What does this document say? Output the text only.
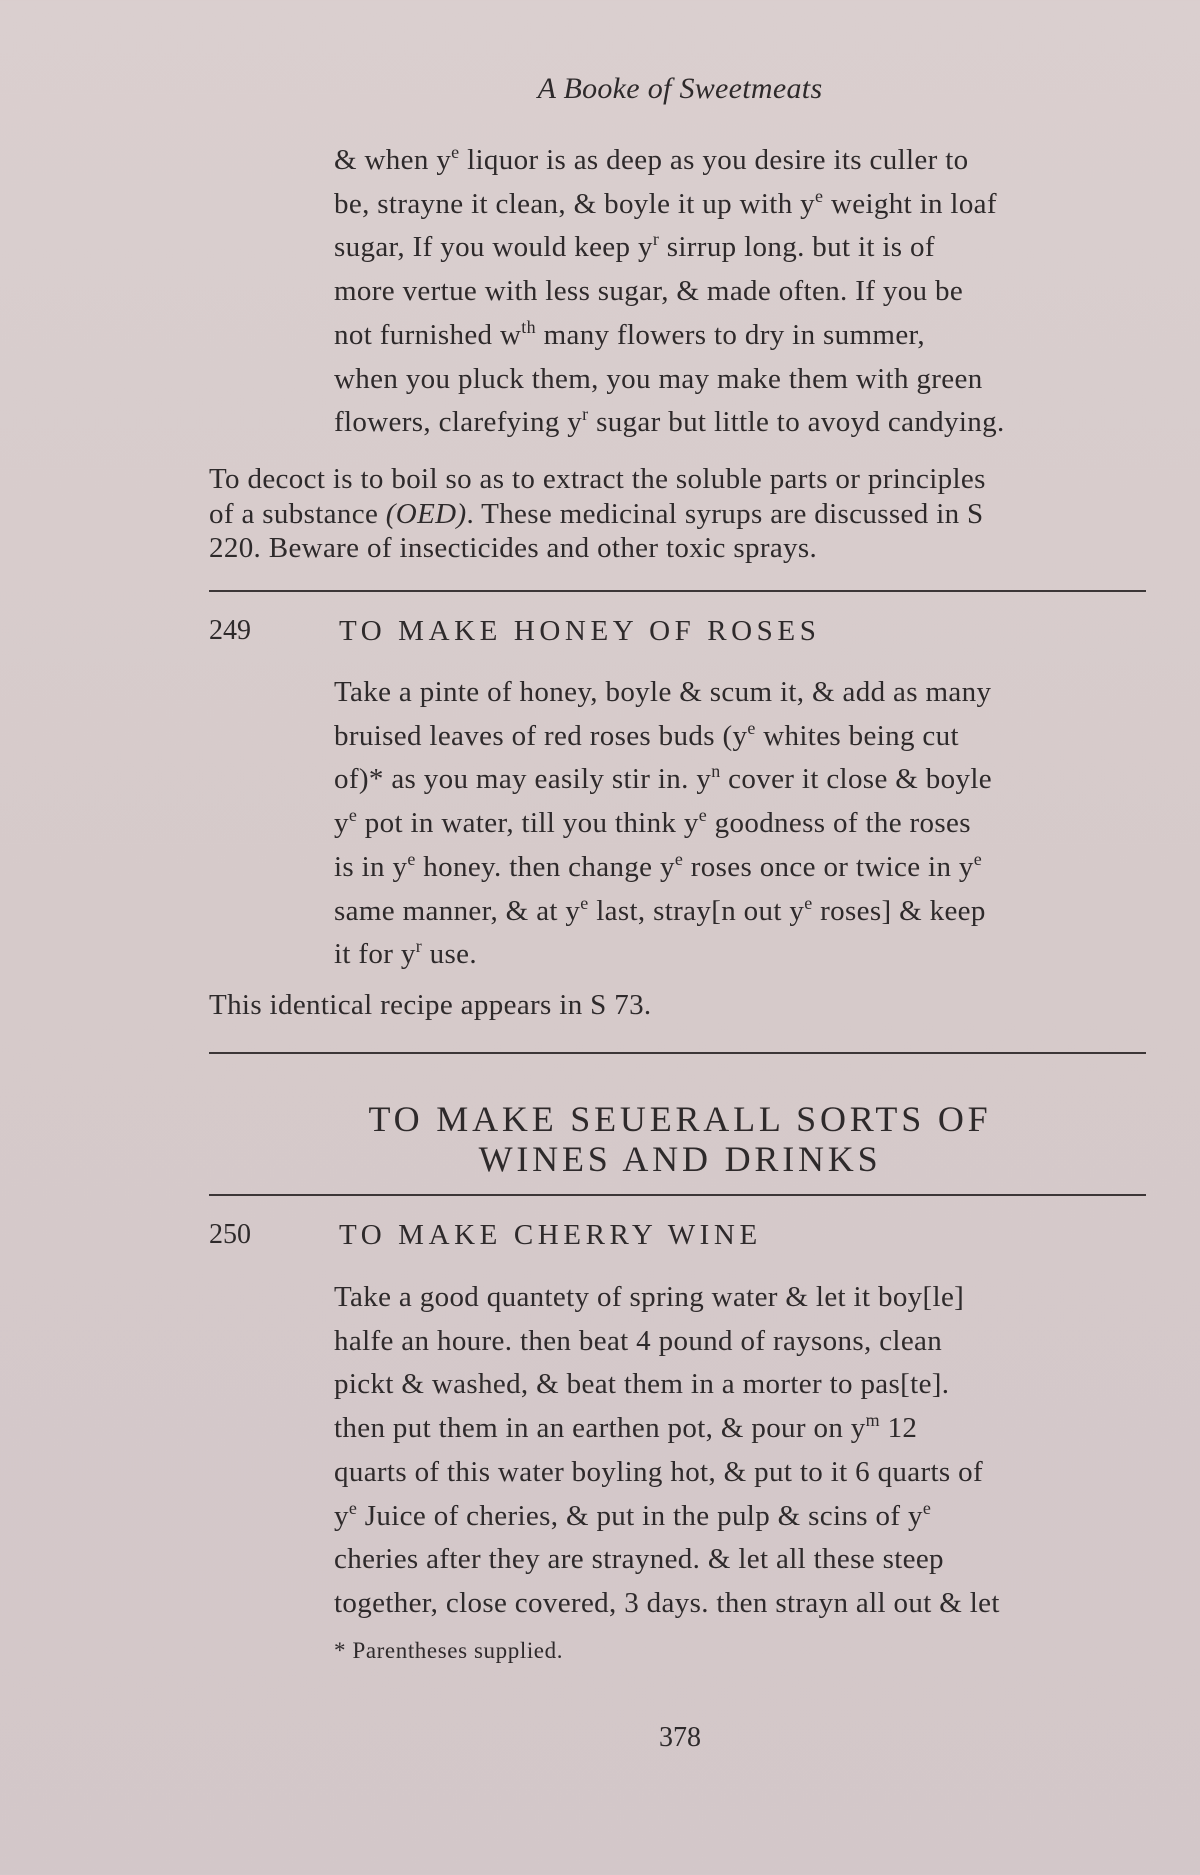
A Booke of Sweetmeats
& when $y^e$ liquor is as deep as you desire its culler to
be, strayne it clean, & boyle it up with $y^e$ weight in loaf
sugar, If you would keep $y^r$ sirrup long. but it is of
more vertue with less sugar, & made often. If you be
not furnished $w^{th}$ many flowers to dry in summer,
when you pluck them, you may make them with green
flowers, clarefying $y^r$ sugar but little to avoyd candying.
To decoct is to boil so as to extract the soluble parts or principles
of a substance (OED). These medicinal syrups are discussed in S
220. Beware of insecticides and other toxic sprays.
249	TO MAKE HONEY OF ROSES
Take a pinte of honey, boyle & scum it, & add as many
bruised leaves of red roses buds ($y^e$ whites being cut
of)* as you may easily stir in. $y^n$ cover it close & boyle
$y^e$ pot in water, till you think $y^e$ goodness of the roses
is in $y^e$ honey. then change $y^e$ roses once or twice in $y^e$
same manner, & at $y^e$ last, stray[n out $y^e$ roses] & keep
it for $y^r$ use.
This identical recipe appears in S 73.
TO MAKE SEUERALL SORTS OF
WINES AND DRINKS
250	TO MAKE CHERRY WINE
Take a good quantety of spring water & let it boy[le]
halfe an houre. then beat 4 pound of raysons, clean
pickt & washed, & beat them in a morter to pas[te].
then put them in an earthen pot, & pour on $y^m$ 12
quarts of this water boyling hot, & put to it 6 quarts of
$y^e$ Juice of cheries, & put in the pulp & scins of $y^e$
cheries after they are strayned. & let all these steep
together, close covered, 3 days. then strayn all out & let
* Parentheses supplied.
378
